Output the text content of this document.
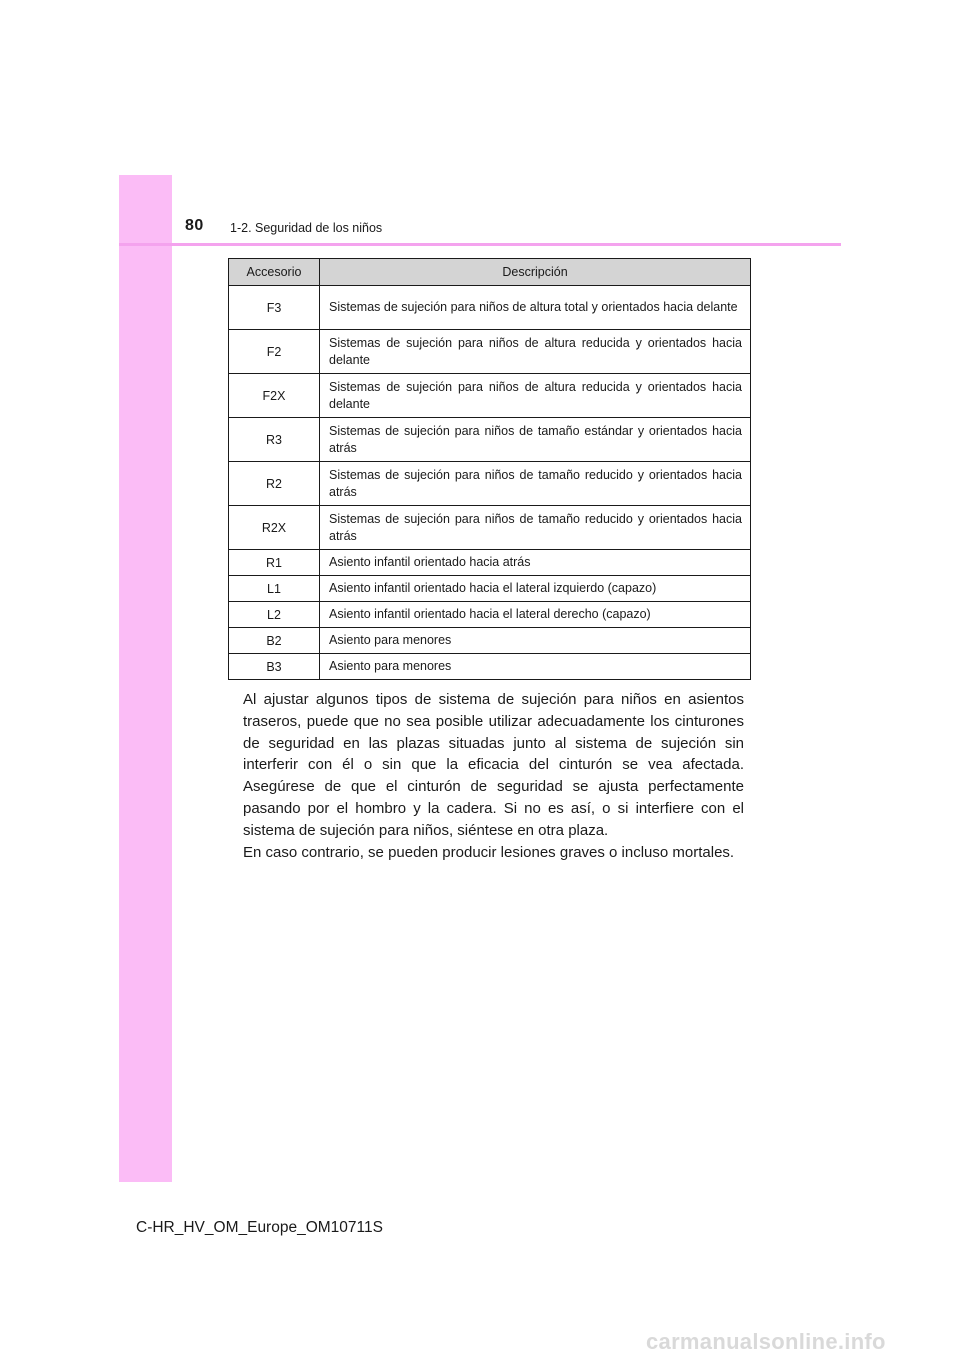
80 1-2. Seguridad de los niños
Accesorio	Descripción
F3	Sistemas de sujeción para niños de altura total y orientados hacia delante
F2	Sistemas de sujeción para niños de altura reducida y orientados hacia delante
F2X	Sistemas de sujeción para niños de altura reducida y orientados hacia delante
R3	Sistemas de sujeción para niños de tamaño estándar y orientados hacia atrás
R2	Sistemas de sujeción para niños de tamaño reducido y orientados hacia atrás
R2X	Sistemas de sujeción para niños de tamaño reducido y orientados hacia atrás
R1	Asiento infantil orientado hacia atrás
L1	Asiento infantil orientado hacia el lateral izquierdo (capazo)
L2	Asiento infantil orientado hacia el lateral derecho (capazo)
B2	Asiento para menores
B3	Asiento para menores

Al ajustar algunos tipos de sistema de sujeción para niños en asientos traseros, puede que no sea posible utilizar adecuadamente los cinturones de seguridad en las plazas situadas junto al sistema de sujeción sin interferir con él o sin que la eficacia del cinturón se vea afectada. Asegúrese de que el cinturón de seguridad se ajusta perfectamente pasando por el hombro y la cadera. Si no es así, o si interfiere con el sistema de sujeción para niños, siéntese en otra plaza.

En caso contrario, se pueden producir lesiones graves o incluso mortales.

C-HR_HV_OM_Europe_OM10711S
carmanualsonline.info
